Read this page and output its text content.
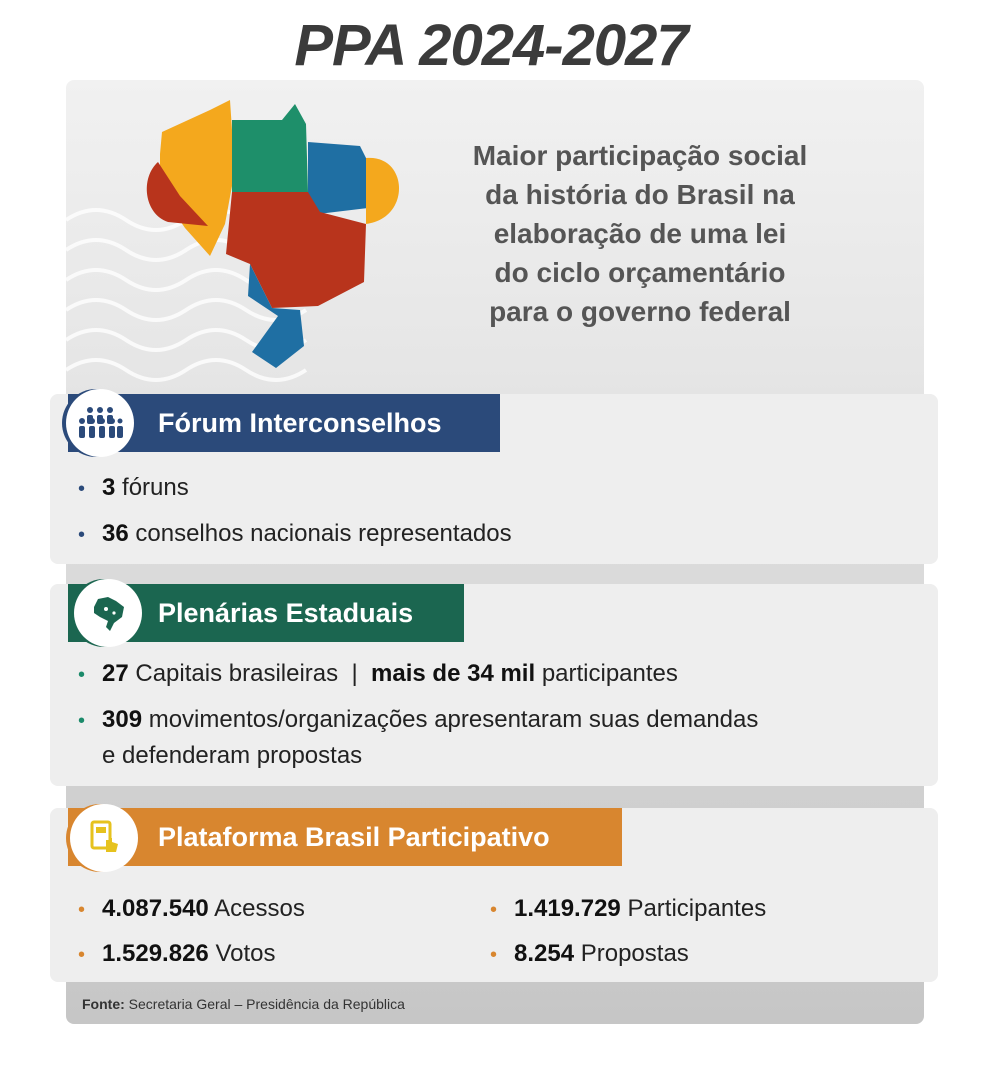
PPA 2024-2027
Maior participação social
da história do Brasil na
elaboração de uma lei
do ciclo orçamentário
para o governo federal
Fórum Interconselhos
• 3 fóruns
• 36 conselhos nacionais representados
Plenárias Estaduais
• 27 Capitais brasileiras | mais de 34 mil participantes
• 309 movimentos/organizações apresentaram suas demandas
e defenderam propostas
Plataforma Brasil Participativo
• 4.087.540 Acessos	• 1.419.729 Participantes
• 1.529.826 Votos	• 8.254 Propostas
Fonte: Secretaria Geral – Presidência da República
